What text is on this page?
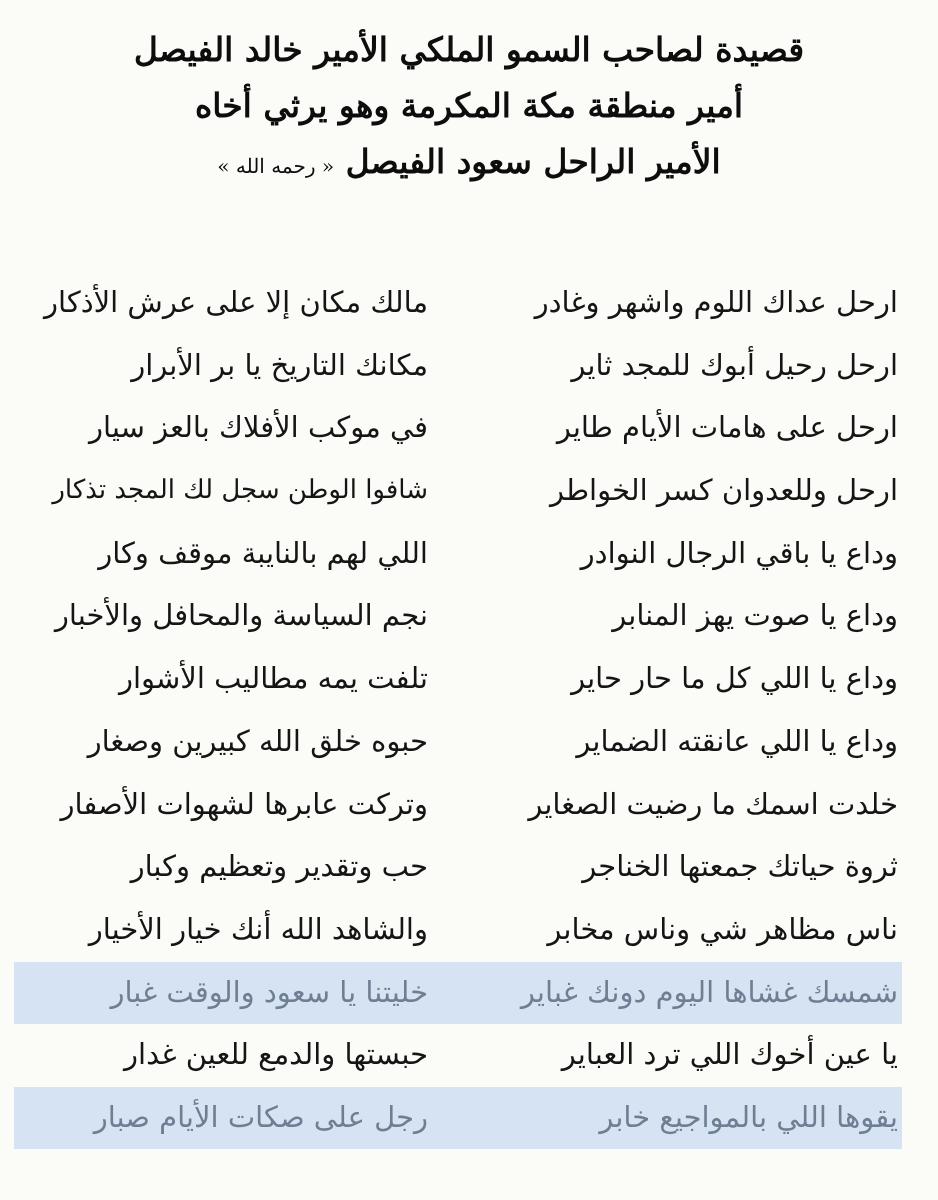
قصيدة لصاحب السمو الملكي الأمير خالد الفيصل
أمير منطقة مكة المكرمة وهو يرثي أخاه
الأمير الراحل سعود الفيصل « رحمه الله »
ارحل عداك اللوم واشهر وغادر
مالك مكان إلا على عرش الأذكار
ارحل رحيل أبوك للمجد ثاير
مكانك التاريخ يا بر الأبرار
ارحل على هامات الأيام طاير
في موكب الأفلاك بالعز سيار
ارحل وللعدوان كسر الخواطر
شافوا الوطن سجل لك المجد تذكار
وداع يا باقي الرجال النوادر
اللي لهم بالنايبة موقف وكار
وداع يا صوت يهز المنابر
نجم السياسة والمحافل والأخبار
وداع يا اللي كل ما حار حاير
تلفت يمه مطاليب الأشوار
وداع يا اللي عانقته الضماير
حبوه خلق الله كبيرين وصغار
خلدت اسمك ما رضيت الصغاير
وتركت عابرها لشهوات الأصفار
ثروة حياتك جمعتها الخناجر
حب وتقدير وتعظيم وكبار
ناس مظاهر شي وناس مخابر
والشاهد الله أنك خيار الأخيار
شمسك غشاها اليوم دونك غباير
خليتنا يا سعود والوقت غبار
يا عين أخوك اللي ترد العباير
حبستها والدمع للعين غدار
يقوها اللي بالمواجيع خابر
رجل على صكات الأيام صبار
